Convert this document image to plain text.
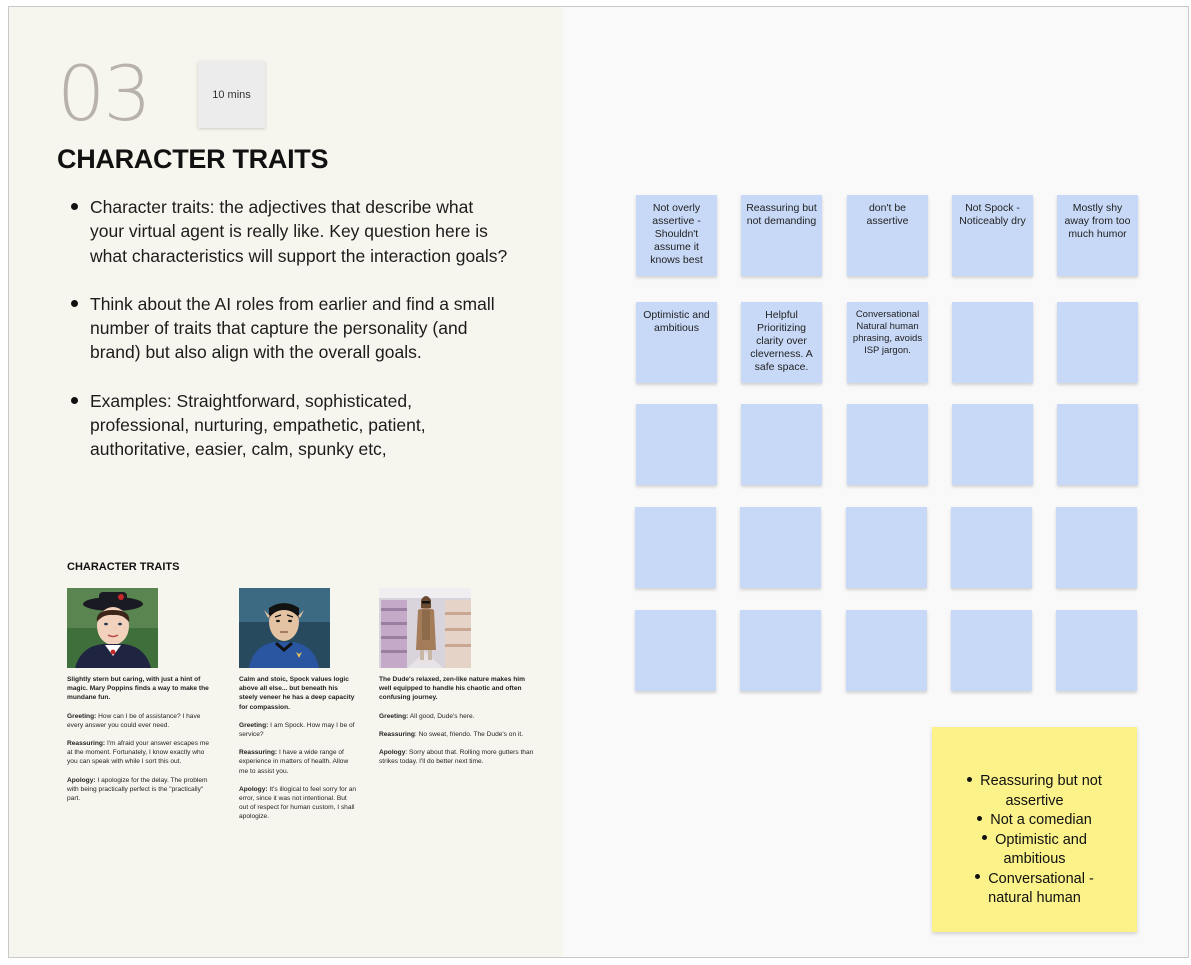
03	10 mins
CHARACTER TRAITS
Character traits: the adjectives that describe what your virtual agent is really like. Key question here is what characteristics will support the interaction goals?
Think about the AI roles from earlier and find a small number of traits that capture the personality (and brand) but also align with the overall goals.
Examples: Straightforward, sophisticated, professional, nurturing, empathetic, patient, authoritative, easier, calm, spunky etc,
CHARACTER TRAITS
Slightly stern but caring, with just a hint of magic. Mary Poppins finds a way to make the mundane fun.

Greeting: How can I be of assistance? I have every answer you could ever need.

Reassuring: I'm afraid your answer escapes me at the moment. Fortunately, I know exactly who you can speak with while I sort this out.

Apology: I apologize for the delay. The problem with being practically perfect is the "practically" part.

Calm and stoic, Spock values logic above all else... but beneath his steely veneer he has a deep capacity for compassion.

Greeting: I am Spock. How may I be of service?

Reassuring: I have a wide range of experience in matters of health. Allow me to assist you.

Apology: It's illogical to feel sorry for an error, since it was not intentional. But out of respect for human custom, I shall apologize.

The Dude's relaxed, zen-like nature makes him well equipped to handle his chaotic and often confusing journey.

Greeting: All good, Dude's here.

Reassuring: No sweat, friendo. The Dude's on it.

Apology: Sorry about that. Rolling more gutters than strikes today. I'll do better next time.

Not overly assertive - Shouldn't assume it knows best
Reassuring but not demanding
don't be assertive
Not Spock - Noticeably dry
Mostly shy away from too much humor
Optimistic and ambitious
Helpful Prioritizing clarity over cleverness. A safe space.
Conversational Natural human phrasing, avoids ISP jargon.
Reassuring but not assertive
Not a comedian
Optimistic and ambitious
Conversational - natural human
